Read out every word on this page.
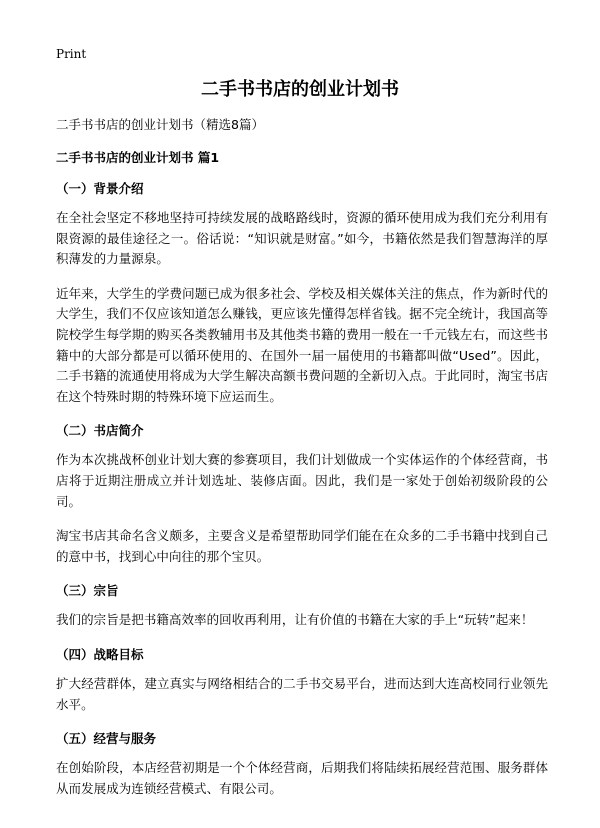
Print
二手书书店的创业计划书

二手书书店的创业计划书（精选8篇）

二手书书店的创业计划书 篇1

（一）背景介绍

在全社会坚定不移地坚持可持续发展的战略路线时，资源的循环使用成为我们充分利用有限资源的最佳途径之一。俗话说：“知识就是财富。”如今，书籍依然是我们智慧海洋的厚积薄发的力量源泉。

近年来，大学生的学费问题已成为很多社会、学校及相关媒体关注的焦点，作为新时代的大学生，我们不仅应该知道怎么赚钱，更应该先懂得怎样省钱。据不完全统计，我国高等院校学生每学期的购买各类教辅用书及其他类书籍的费用一般在一千元钱左右，而这些书籍中的大部分都是可以循环使用的、在国外一届一届使用的书籍都叫做“Used”。因此，二手书籍的流通使用将成为大学生解决高额书费问题的全新切入点。于此同时，淘宝书店在这个特殊时期的特殊环境下应运而生。

（二）书店简介

作为本次挑战杯创业计划大赛的参赛项目，我们计划做成一个实体运作的个体经营商，书店将于近期注册成立并计划选址、装修店面。因此，我们是一家处于创始初级阶段的公司。

淘宝书店其命名含义颇多，主要含义是希望帮助同学们能在在众多的二手书籍中找到自己的意中书，找到心中向往的那个宝贝。

（三）宗旨

我们的宗旨是把书籍高效率的回收再利用，让有价值的书籍在大家的手上“玩转”起来！

（四）战略目标

扩大经营群体，建立真实与网络相结合的二手书交易平台，进而达到大连高校同行业领先水平。

（五）经营与服务

在创始阶段，本店经营初期是一个个体经营商，后期我们将陆续拓展经营范围、服务群体从而发展成为连锁经营模式、有限公司。
